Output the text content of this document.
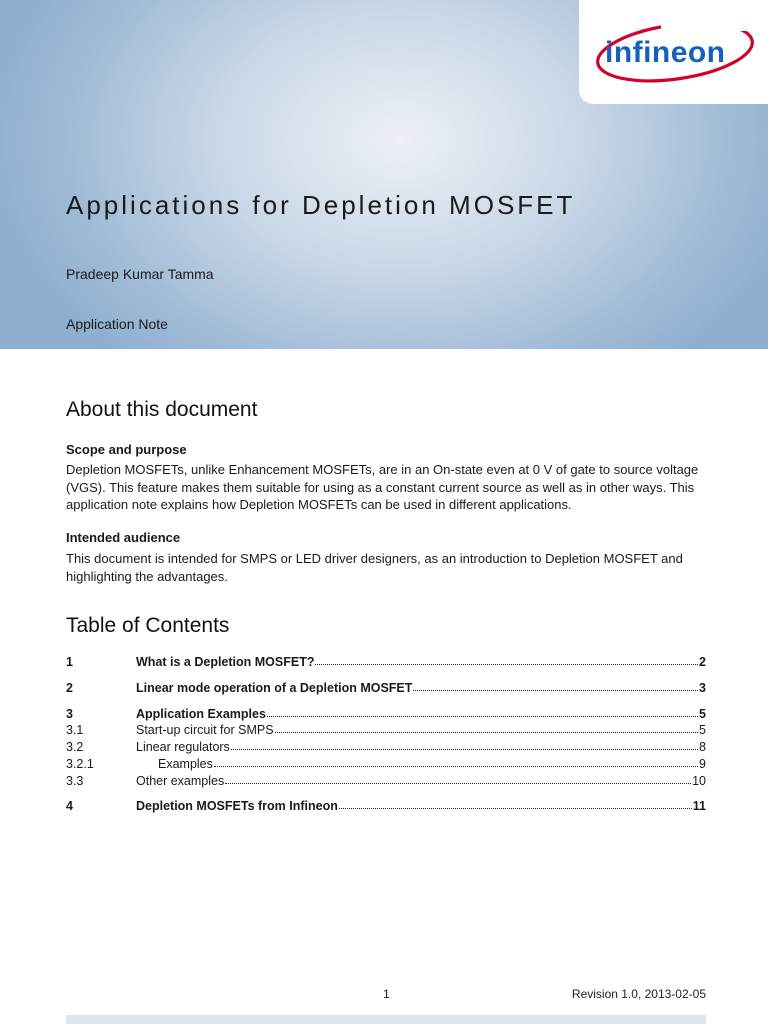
infineon
Applications for Depletion MOSFET
Pradeep Kumar Tamma
Application Note
About this document
Scope and purpose
Depletion MOSFETs, unlike Enhancement MOSFETs, are in an On-state even at 0 V of gate to source voltage (VGS). This feature makes them suitable for using as a constant current source as well as in other ways. This application note explains how Depletion MOSFETs can be used in different applications.
Intended audience
This document is intended for SMPS or LED driver designers, as an introduction to Depletion MOSFET and highlighting the advantages.
Table of Contents
1	What is a Depletion MOSFET?	2
2	Linear mode operation of a Depletion MOSFET	3
3	Application Examples	5
3.1	Start-up circuit for SMPS	5
3.2	Linear regulators	8
3.2.1	Examples	9
3.3	Other examples	10
4	Depletion MOSFETs from Infineon	11
1	Revision 1.0, 2013-02-05
